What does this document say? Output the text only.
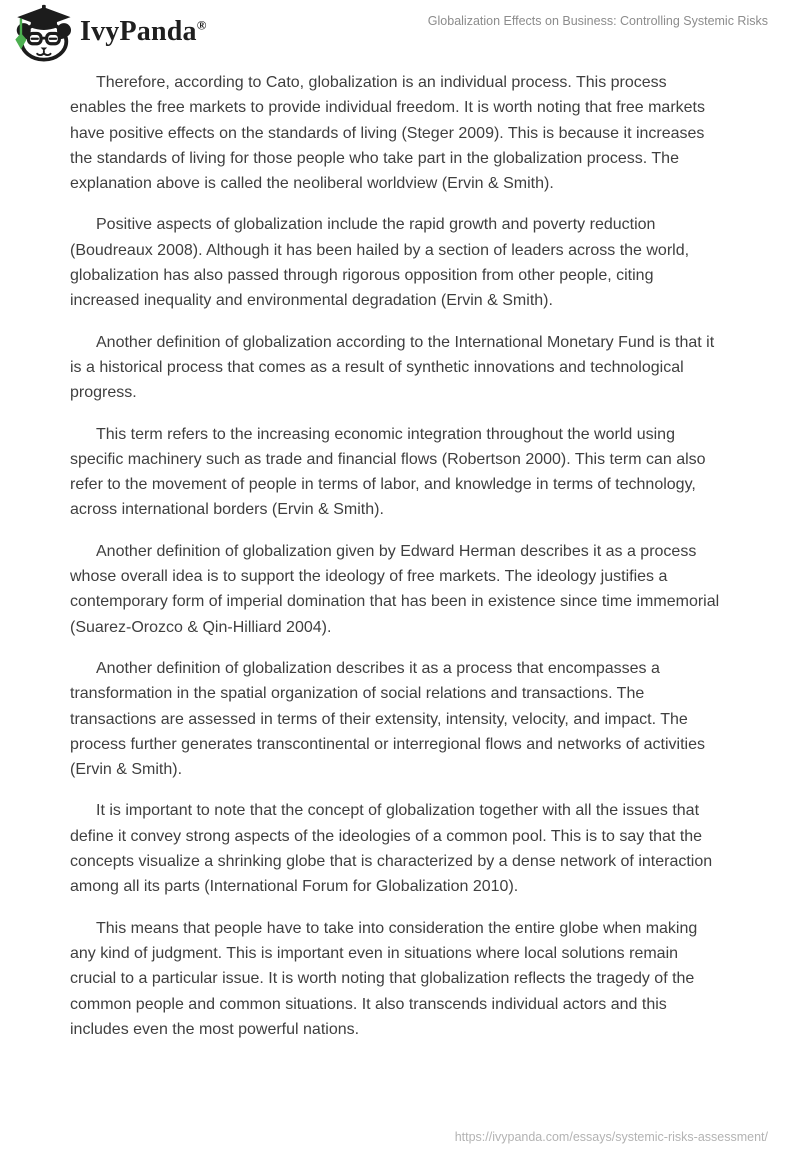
IvyPanda®	Globalization Effects on Business: Controlling Systemic Risks

Therefore, according to Cato, globalization is an individual process. This process enables the free markets to provide individual freedom. It is worth noting that free markets have positive effects on the standards of living (Steger 2009). This is because it increases the standards of living for those people who take part in the globalization process. The explanation above is called the neoliberal worldview (Ervin & Smith).

Positive aspects of globalization include the rapid growth and poverty reduction (Boudreaux 2008). Although it has been hailed by a section of leaders across the world, globalization has also passed through rigorous opposition from other people, citing increased inequality and environmental degradation (Ervin & Smith).

Another definition of globalization according to the International Monetary Fund is that it is a historical process that comes as a result of synthetic innovations and technological progress.

This term refers to the increasing economic integration throughout the world using specific machinery such as trade and financial flows (Robertson 2000). This term can also refer to the movement of people in terms of labor, and knowledge in terms of technology, across international borders (Ervin & Smith).

Another definition of globalization given by Edward Herman describes it as a process whose overall idea is to support the ideology of free markets. The ideology justifies a contemporary form of imperial domination that has been in existence since time immemorial (Suarez-Orozco & Qin-Hilliard 2004).

Another definition of globalization describes it as a process that encompasses a transformation in the spatial organization of social relations and transactions. The transactions are assessed in terms of their extensity, intensity, velocity, and impact. The process further generates transcontinental or interregional flows and networks of activities (Ervin & Smith).

It is important to note that the concept of globalization together with all the issues that define it convey strong aspects of the ideologies of a common pool. This is to say that the concepts visualize a shrinking globe that is characterized by a dense network of interaction among all its parts (International Forum for Globalization 2010).

This means that people have to take into consideration the entire globe when making any kind of judgment. This is important even in situations where local solutions remain crucial to a particular issue. It is worth noting that globalization reflects the tragedy of the common people and common situations. It also transcends individual actors and this includes even the most powerful nations.

https://ivypanda.com/essays/systemic-risks-assessment/
